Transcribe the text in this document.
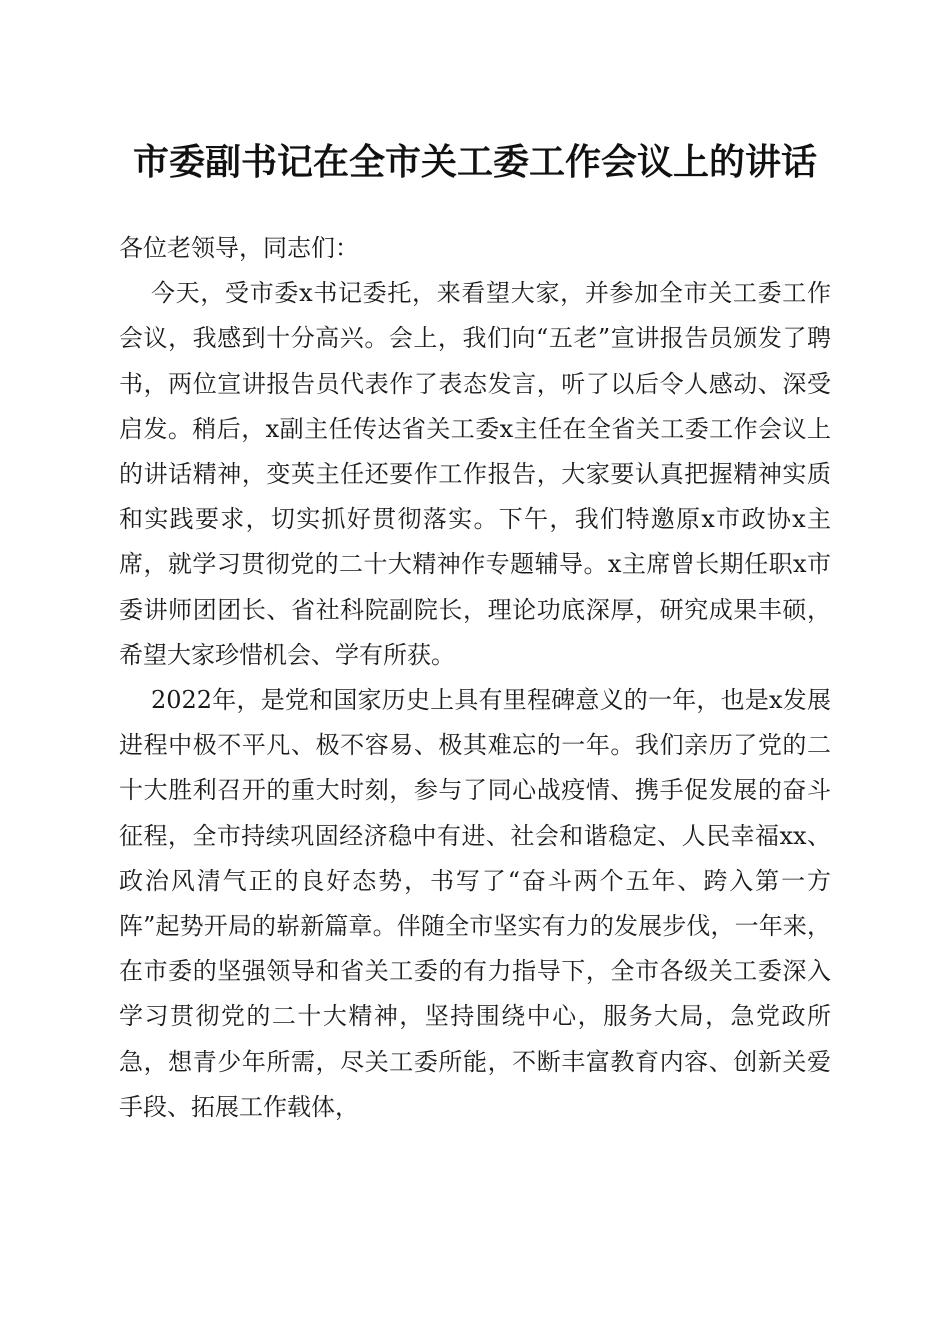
市委副书记在全市关工委工作会议上的讲话

各位老领导，同志们：

今天，受市委x书记委托，来看望大家，并参加全市关工委工作会议，我感到十分高兴。会上，我们向“五老”宣讲报告员颁发了聘书，两位宣讲报告员代表作了表态发言，听了以后令人感动、深受启发。稍后，x副主任传达省关工委x主任在全省关工委工作会议上的讲话精神，变英主任还要作工作报告，大家要认真把握精神实质和实践要求，切实抓好贯彻落实。下午，我们特邀原x市政协x主席，就学习贯彻党的二十大精神作专题辅导。x主席曾长期任职x市委讲师团团长、省社科院副院长，理论功底深厚，研究成果丰硕，希望大家珍惜机会、学有所获。

2022年，是党和国家历史上具有里程碑意义的一年，也是x发展进程中极不平凡、极不容易、极其难忘的一年。我们亲历了党的二十大胜利召开的重大时刻，参与了同心战疫情、携手促发展的奋斗征程，全市持续巩固经济稳中有进、社会和谐稳定、人民幸福xx、政治风清气正的良好态势，书写了“奋斗两个五年、跨入第一方阵”起势开局的崭新篇章。伴随全市坚实有力的发展步伐，一年来，在市委的坚强领导和省关工委的有力指导下，全市各级关工委深入学习贯彻党的二十大精神，坚持围绕中心，服务大局，急党政所急，想青少年所需，尽关工委所能，不断丰富教育内容、创新关爱手段、拓展工作载体，
